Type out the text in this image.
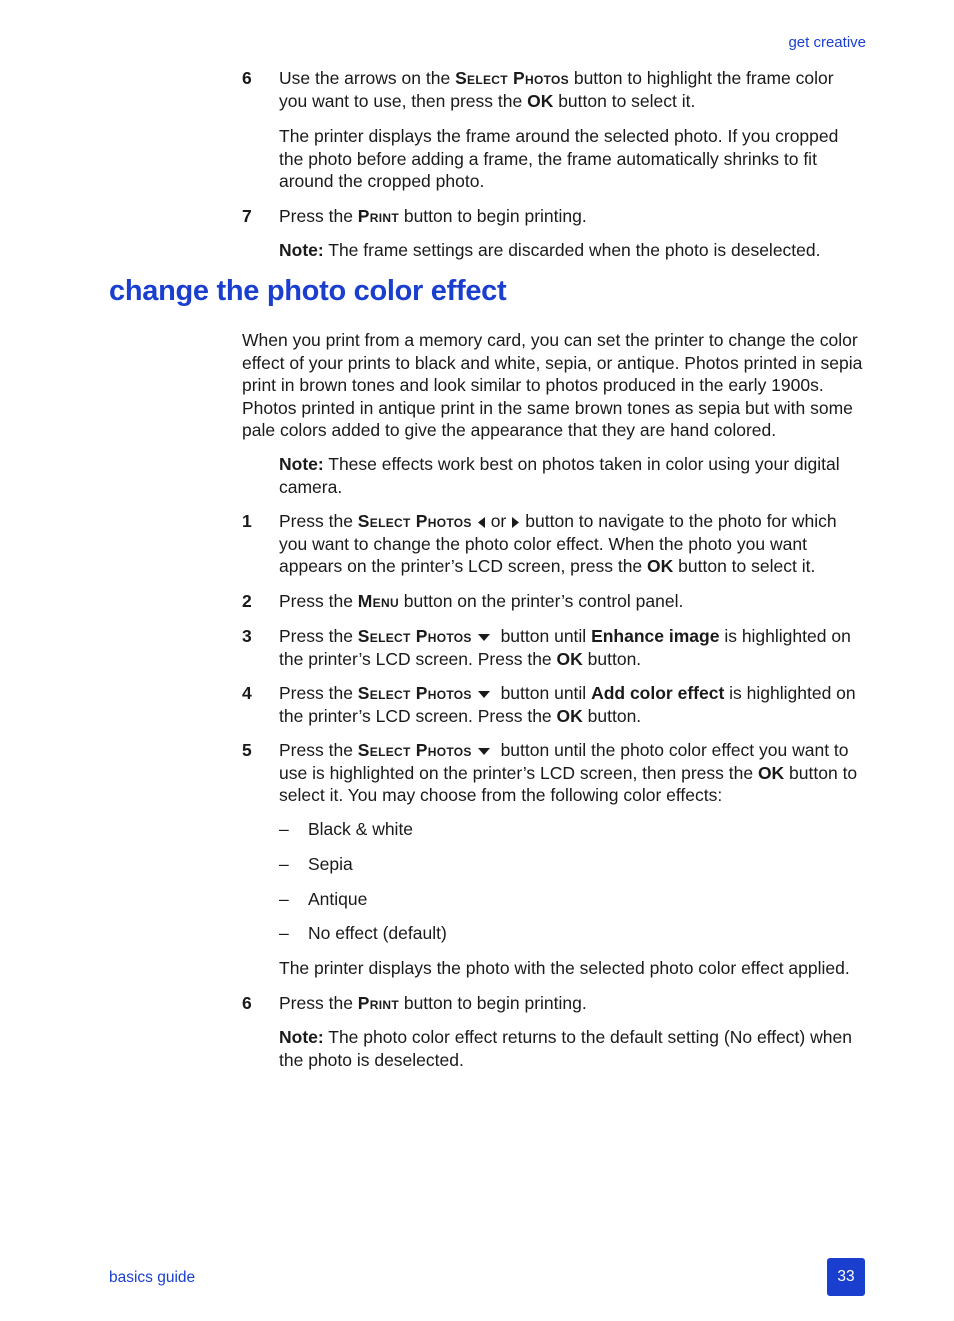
get creative
6 Use the arrows on the Select Photos button to highlight the frame color you want to use, then press the OK button to select it.
The printer displays the frame around the selected photo. If you cropped the photo before adding a frame, the frame automatically shrinks to fit around the cropped photo.
7 Press the Print button to begin printing.
Note: The frame settings are discarded when the photo is deselected.
change the photo color effect
When you print from a memory card, you can set the printer to change the color effect of your prints to black and white, sepia, or antique. Photos printed in sepia print in brown tones and look similar to photos produced in the early 1900s. Photos printed in antique print in the same brown tones as sepia but with some pale colors added to give the appearance that they are hand colored.
Note: These effects work best on photos taken in color using your digital camera.
1 Press the Select Photos or button to navigate to the photo for which you want to change the photo color effect. When the photo you want appears on the printer’s LCD screen, press the OK button to select it.
2 Press the Menu button on the printer’s control panel.
3 Press the Select Photos button until Enhance image is highlighted on the printer’s LCD screen. Press the OK button.
4 Press the Select Photos button until Add color effect is highlighted on the printer’s LCD screen. Press the OK button.
5 Press the Select Photos button until the photo color effect you want to use is highlighted on the printer’s LCD screen, then press the OK button to select it. You may choose from the following color effects:
– Black & white
– Sepia
– Antique
– No effect (default)
The printer displays the photo with the selected photo color effect applied.
6 Press the Print button to begin printing.
Note: The photo color effect returns to the default setting (No effect) when the photo is deselected.
basics guide	33
